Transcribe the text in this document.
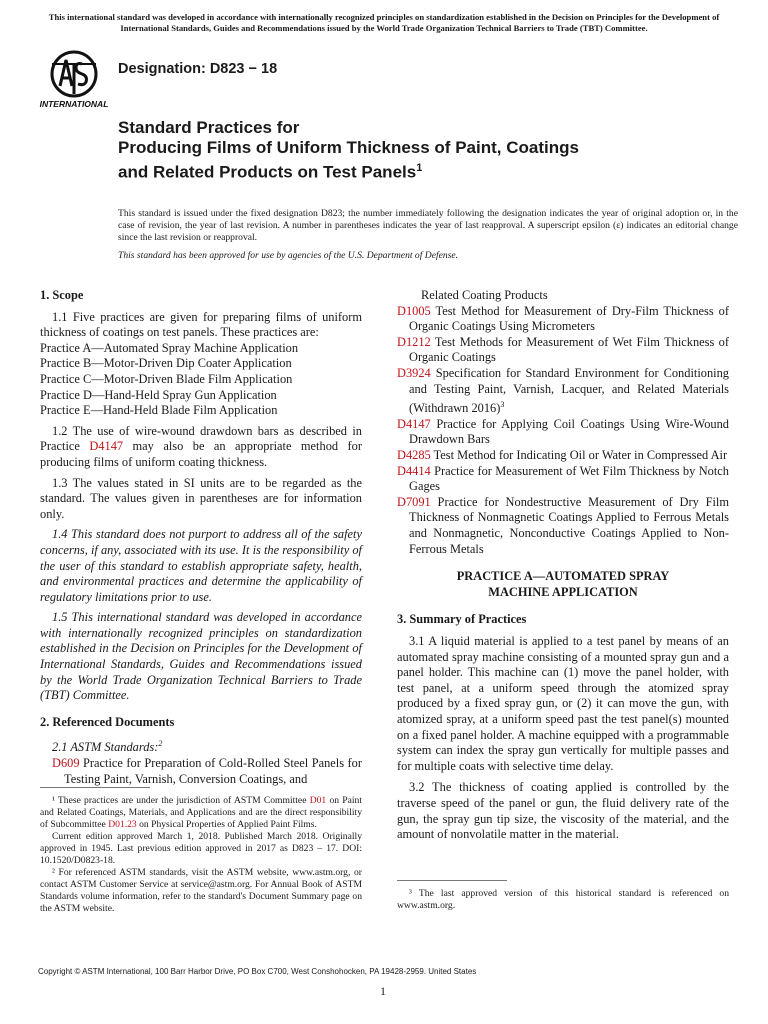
This international standard was developed in accordance with internationally recognized principles on standardization established in the Decision on Principles for the Development of International Standards, Guides and Recommendations issued by the World Trade Organization Technical Barriers to Trade (TBT) Committee.
INTERNATIONAL
Designation: D823 − 18
Standard Practices for
Producing Films of Uniform Thickness of Paint, Coatings
and Related Products on Test Panels$^1$
This standard is issued under the fixed designation D823; the number immediately following the designation indicates the year of original adoption or, in the case of revision, the year of last revision. A number in parentheses indicates the year of last reapproval. A superscript epsilon (ε) indicates an editorial change since the last revision or reapproval.
This standard has been approved for use by agencies of the U.S. Department of Defense.
1. Scope

1.1 Five practices are given for preparing films of uniform thickness of coatings on test panels. These practices are:

Practice A—Automated Spray Machine Application
Practice B—Motor-Driven Dip Coater Application
Practice C—Motor-Driven Blade Film Application
Practice D—Hand-Held Spray Gun Application
Practice E—Hand-Held Blade Film Application

1.2 The use of wire-wound drawdown bars as described in Practice D4147 may also be an appropriate method for producing films of uniform coating thickness.

1.3 The values stated in SI units are to be regarded as the standard. The values given in parentheses are for information only.

1.4 This standard does not purport to address all of the safety concerns, if any, associated with its use. It is the responsibility of the user of this standard to establish appropriate safety, health, and environmental practices and determine the applicability of regulatory limitations prior to use.

1.5 This international standard was developed in accordance with internationally recognized principles on standardization established in the Decision on Principles for the Development of International Standards, Guides and Recommendations issued by the World Trade Organization Technical Barriers to Trade (TBT) Committee.

2. Referenced Documents
2.1 ASTM Standards:$^2$

D609 Practice for Preparation of Cold-Rolled Steel Panels for Testing Paint, Varnish, Conversion Coatings, and

¹ These practices are under the jurisdiction of ASTM Committee D01 on Paint and Related Coatings, Materials, and Applications and are the direct responsibility of Subcommittee D01.23 on Physical Properties of Applied Paint Films.

Current edition approved March 1, 2018. Published March 2018. Originally approved in 1945. Last previous edition approved in 2017 as D823 – 17. DOI: 10.1520/D0823-18.

² For referenced ASTM standards, visit the ASTM website, www.astm.org, or contact ASTM Customer Service at service@astm.org. For Annual Book of ASTM Standards volume information, refer to the standard's Document Summary page on the ASTM website.

Related Coating Products

D1005 Test Method for Measurement of Dry-Film Thickness of Organic Coatings Using Micrometers

D1212 Test Methods for Measurement of Wet Film Thickness of Organic Coatings

D3924 Specification for Standard Environment for Conditioning and Testing Paint, Varnish, Lacquer, and Related Materials (Withdrawn 2016)$^3$

D4147 Practice for Applying Coil Coatings Using Wire-Wound Drawdown Bars

D4285 Test Method for Indicating Oil or Water in Compressed Air

D4414 Practice for Measurement of Wet Film Thickness by Notch Gages

D7091 Practice for Nondestructive Measurement of Dry Film Thickness of Nonmagnetic Coatings Applied to Ferrous Metals and Nonmagnetic, Nonconductive Coatings Applied to Non-Ferrous Metals

PRACTICE A—AUTOMATED SPRAY MACHINE APPLICATION
3. Summary of Practices

3.1 A liquid material is applied to a test panel by means of an automated spray machine consisting of a mounted spray gun and a panel holder. This machine can (1) move the panel holder, with test panel, at a uniform speed through the atomized spray produced by a fixed spray gun, or (2) it can move the gun, with atomized spray, at a uniform speed past the test panel(s) mounted on a fixed panel holder. A machine equipped with a programmable system can index the spray gun vertically for multiple passes and for multiple coats with selective time delay.

3.2 The thickness of coating applied is controlled by the traverse speed of the panel or gun, the fluid delivery rate of the gun, the spray gun tip size, the viscosity of the material, and the amount of nonvolatile matter in the material.

³ The last approved version of this historical standard is referenced on www.astm.org.

Copyright © ASTM International, 100 Barr Harbor Drive, PO Box C700, West Conshohocken, PA 19428-2959. United States
1
